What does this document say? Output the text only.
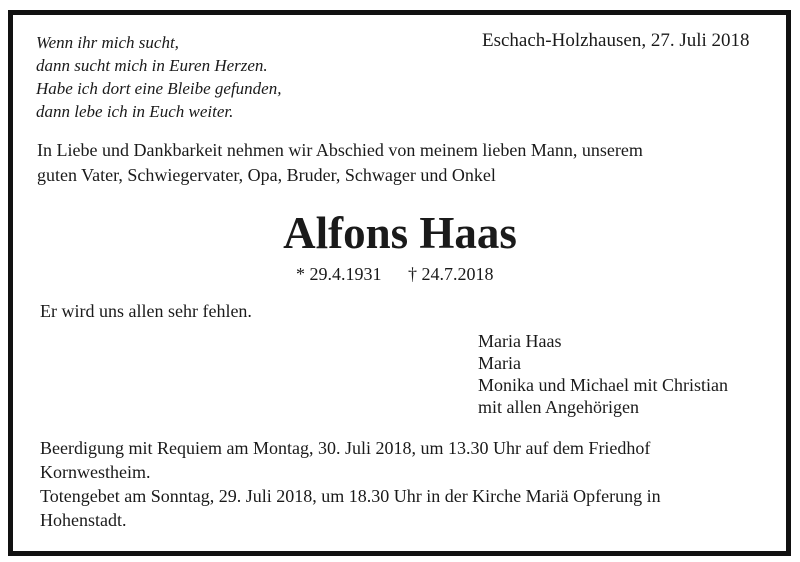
Wenn ihr mich sucht,
dann sucht mich in Euren Herzen.
Habe ich dort eine Bleibe gefunden,
dann lebe ich in Euch weiter.
Eschach-Holzhausen, 27. Juli 2018
In Liebe und Dankbarkeit nehmen wir Abschied von meinem lieben Mann, unserem
guten Vater, Schwiegervater, Opa, Bruder, Schwager und Onkel
Alfons Haas
* 29.4.1931 † 24.7.2018
Er wird uns allen sehr fehlen.
Maria Haas
Maria
Monika und Michael mit Christian
mit allen Angehörigen
Beerdigung mit Requiem am Montag, 30. Juli 2018, um 13.30 Uhr auf dem Friedhof
Kornwestheim.
Totengebet am Sonntag, 29. Juli 2018, um 18.30 Uhr in der Kirche Mariä Opferung in
Hohenstadt.
